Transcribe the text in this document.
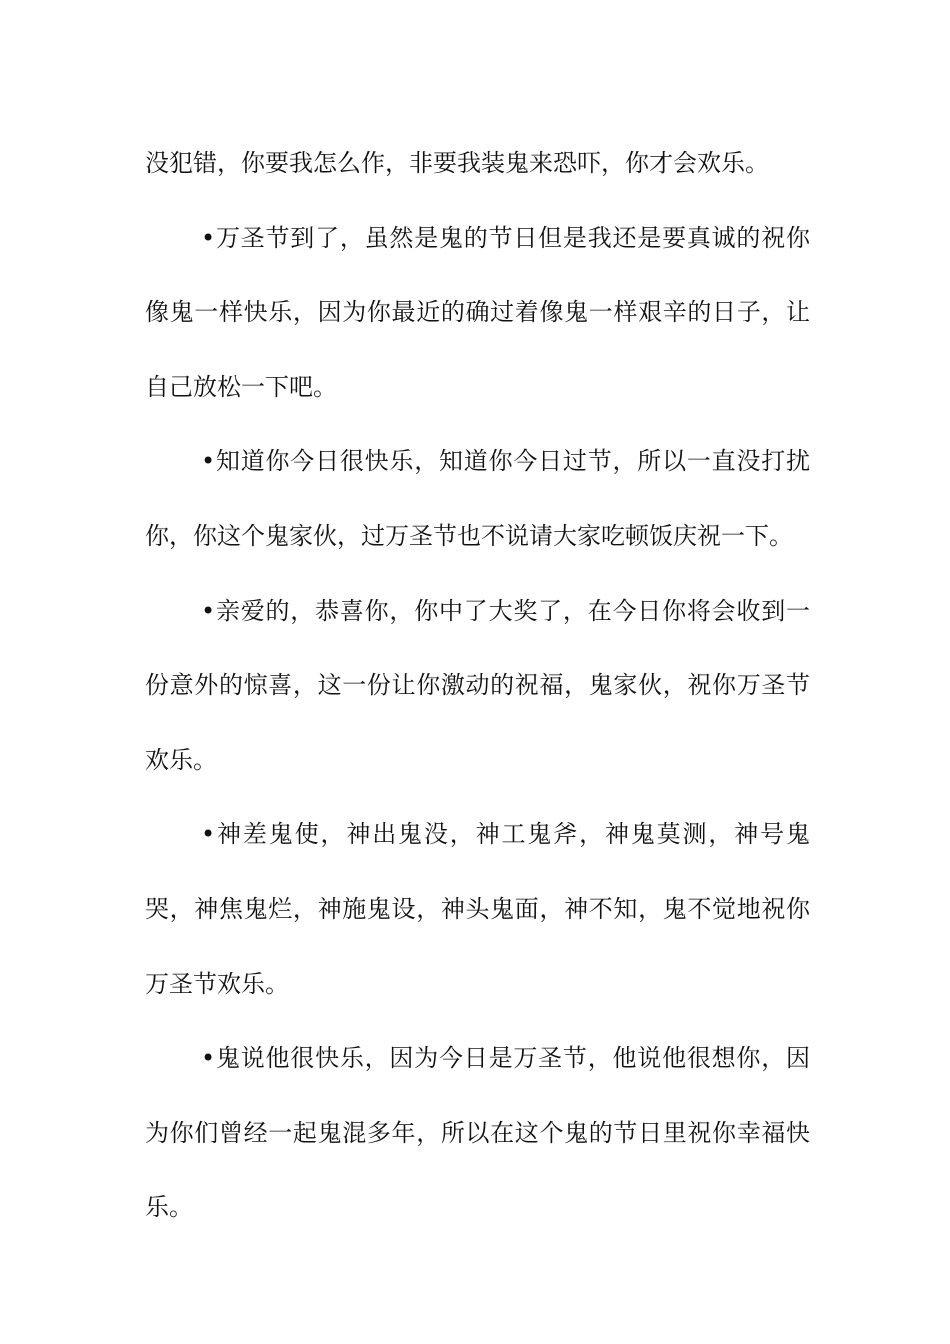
没犯错，你要我怎么作，非要我装鬼来恐吓，你才会欢乐。

•万圣节到了，虽然是鬼的节日但是我还是要真诚的祝你像鬼一样快乐，因为你最近的确过着像鬼一样艰辛的日子，让自己放松一下吧。

•知道你今日很快乐，知道你今日过节，所以一直没打扰你，你这个鬼家伙，过万圣节也不说请大家吃顿饭庆祝一下。

•亲爱的，恭喜你，你中了大奖了，在今日你将会收到一份意外的惊喜，这一份让你激动的祝福，鬼家伙，祝你万圣节欢乐。

•神差鬼使，神出鬼没，神工鬼斧，神鬼莫测，神号鬼哭，神焦鬼烂，神施鬼设，神头鬼面，神不知，鬼不觉地祝你万圣节欢乐。

•鬼说他很快乐，因为今日是万圣节，他说他很想你，因为你们曾经一起鬼混多年，所以在这个鬼的节日里祝你幸福快乐。
